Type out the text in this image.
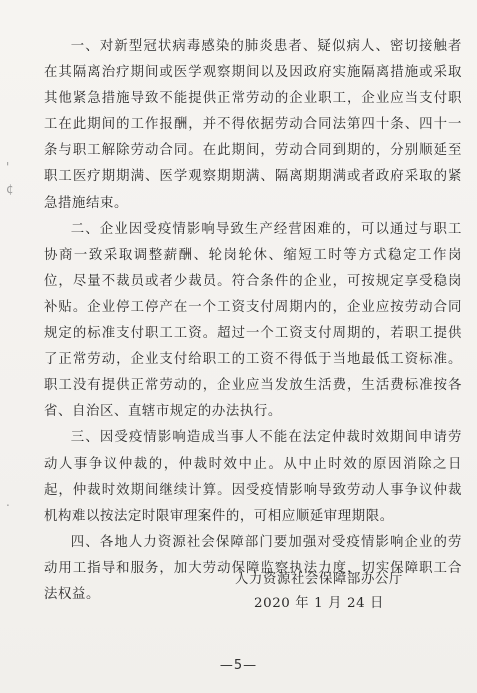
'
¢
.

一、对新型冠状病毒感染的肺炎患者、疑似病人、密切接触者在其隔离治疗期间或医学观察期间以及因政府实施隔离措施或采取其他紧急措施导致不能提供正常劳动的企业职工，企业应当支付职工在此期间的工作报酬，并不得依据劳动合同法第四十条、四十一条与职工解除劳动合同。在此期间，劳动合同到期的，分别顺延至职工医疗期期满、医学观察期期满、隔离期期满或者政府采取的紧急措施结束。

二、企业因受疫情影响导致生产经营困难的，可以通过与职工协商一致采取调整薪酬、轮岗轮休、缩短工时等方式稳定工作岗位，尽量不裁员或者少裁员。符合条件的企业，可按规定享受稳岗补贴。企业停工停产在一个工资支付周期内的，企业应按劳动合同规定的标准支付职工工资。超过一个工资支付周期的，若职工提供了正常劳动，企业支付给职工的工资不得低于当地最低工资标准。职工没有提供正常劳动的，企业应当发放生活费，生活费标准按各省、自治区、直辖市规定的办法执行。

三、因受疫情影响造成当事人不能在法定仲裁时效期间申请劳动人事争议仲裁的，仲裁时效中止。从中止时效的原因消除之日起，仲裁时效期间继续计算。因受疫情影响导致劳动人事争议仲裁机构难以按法定时限审理案件的，可相应顺延审理期限。

四、各地人力资源社会保障部门要加强对受疫情影响企业的劳动用工指导和服务，加大劳动保障监察执法力度，切实保障职工合法权益。

人力资源社会保障部办公厅
2020 年 1 月 24 日
—5—
